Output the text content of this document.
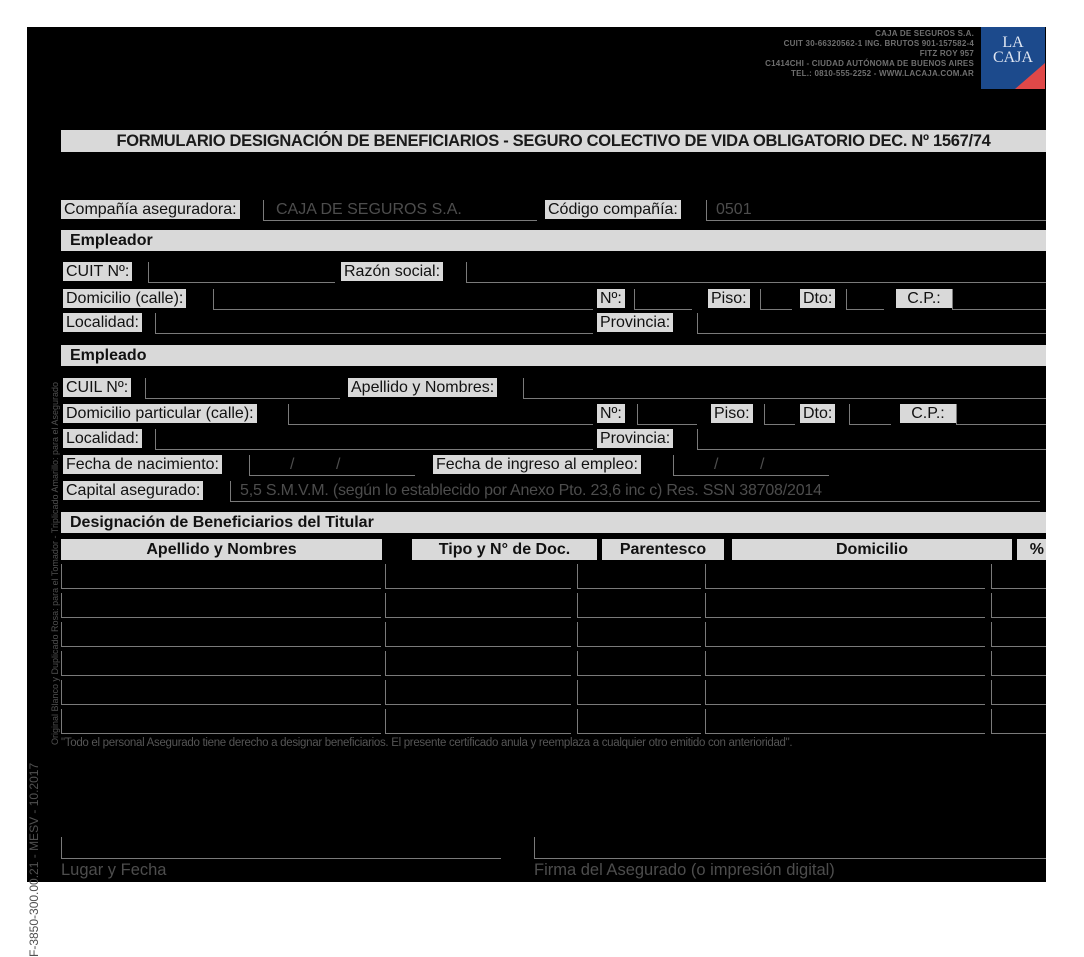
CAJA DE SEGUROS S.A.
CUIT 30-66320562-1 ING. BRUTOS 901-157582-4
FITZ ROY 957
C1414CHI - CIUDAD AUTÓNOMA DE BUENOS AIRES
TEL.: 0810-555-2252 - WWW.LACAJA.COM.AR
LA
CAJA
FORMULARIO DESIGNACIÓN DE BENEFICIARIOS - SEGURO COLECTIVO DE VIDA OBLIGATORIO DEC. Nº 1567/74
Compañía aseguradora: CAJA DE SEGUROS S.A.	Código compañía: 0501
Empleador
CUIT Nº:	Razón social:
Domicilio (calle):	Nº:	Piso:	Dto:	C.P.:
Localidad:	Provincia:
Empleado
CUIL Nº:	Apellido y Nombres:
Domicilio particular (calle):	Nº:	Piso:	Dto:	C.P.:
Localidad:	Provincia:
Fecha de nacimiento:	/	/	Fecha de ingreso al empleo:	/	/
Capital asegurado: 5,5 S.M.V.M. (según lo establecido por Anexo Pto. 23,6 inc c) Res. SSN 38708/2014
Designación de Beneficiarios del Titular
Apellido y Nombres	Tipo y N° de Doc.	Parentesco	Domicilio	%
"Todo el personal Asegurado tiene derecho a designar beneficiarios. El presente certificado anula y reemplaza a cualquier otro emitido con anterioridad".
Lugar y Fecha	Firma del Asegurado (o impresión digital)
Original Blanco y Duplicado Rosa: para el Tomador - Triplicado Amarillo: para el Asegurado
F-3850-300.00.21 - MESV - 10.2017
